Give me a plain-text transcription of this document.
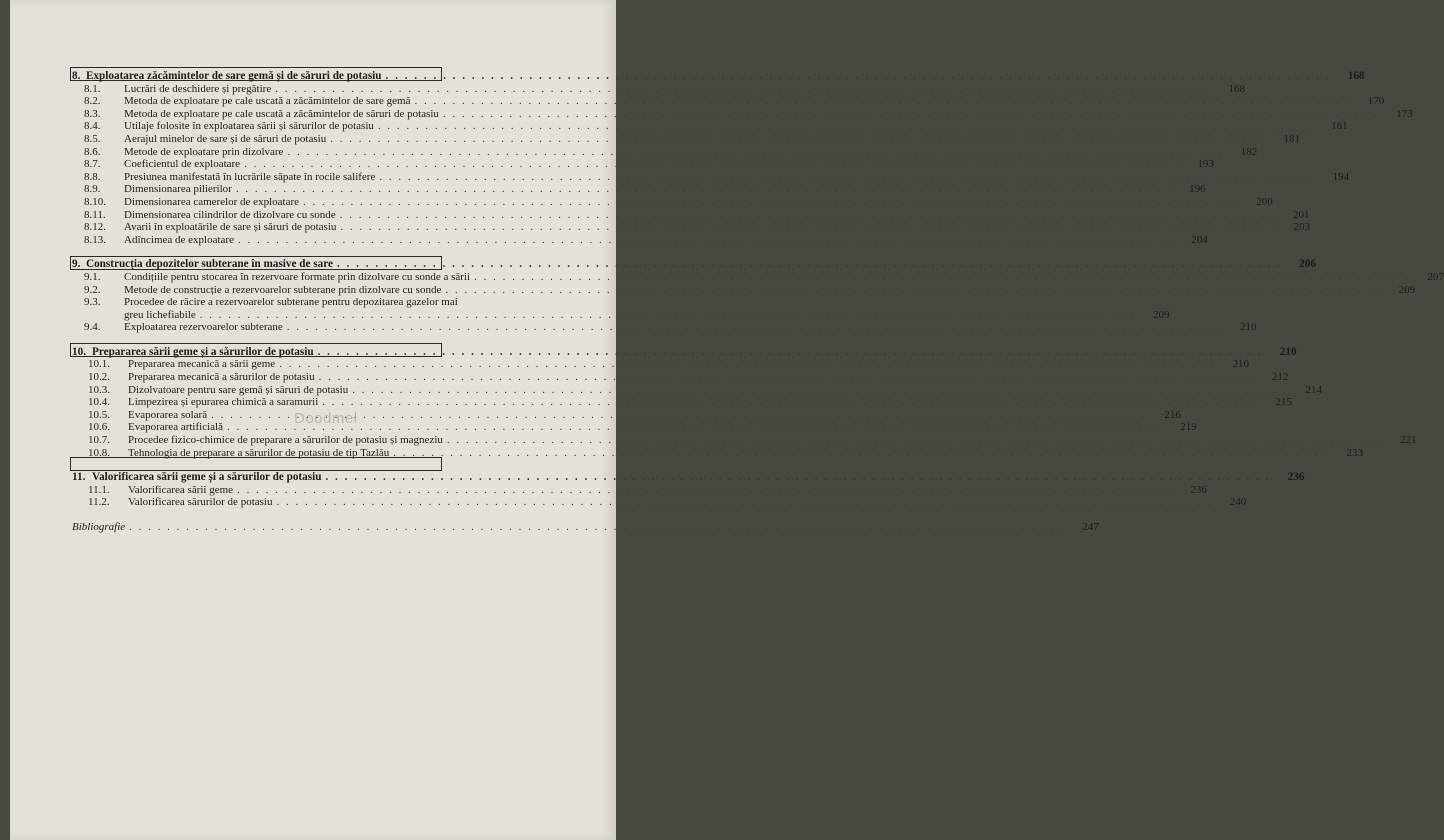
8. Exploatarea zăcămintelor de sare gemă și de săruri de potasiu . . .	168
8.1.	Lucrări de deschidere și pregătire . . .	168
8.2.	Metoda de exploatare pe cale uscată a zăcămintelor de sare gemă . . .	170
8.3.	Metoda de exploatare pe cale uscată a zăcămintelor de săruri de potasiu . . .	173
8.4.	Utilaje folosite în exploatarea sării și sărurilor de potasiu . . .	181
8.5.	Aerajul minelor de sare și de săruri de potasiu . . .	181
8.6.	Metode de exploatare prin dizolvare . . .	182
8.7.	Coeficientul de exploatare . . .	193
8.8.	Presiunea manifestată în lucrările săpate în rocile salifere . . .	194
8.9.	Dimensionarea pilierilor . . .	196
8.10.	Dimensionarea camerelor de exploatare . . .	200
8.11.	Dimensionarea cilindrilor de dizolvare cu sonde . . .	201
8.12.	Avarii în exploatările de sare și săruri de potasiu . . .	203
8.13.	Adîncimea de exploatare . . .	204
9. Construcția depozitelor subterane în masive de sare . . .	206
9.1.	Condițiile pentru stocarea în rezervoare formate prin dizolvare cu sonde a sării . . .	207
9.2.	Metode de construcție a rezervoarelor subterane prin dizolvare cu sonde . . .	209
9.3.	Procedee de răcire a rezervoarelor subterane pentru depozitarea gazelor mai
greu lichefiabile . . .	209
9.4.	Exploatarea rezervoarelor subterane . . .	210
10. Prepararea sării geme și a sărurilor de potasiu . . .	210
10.1.	Prepararea mecanică a sării geme . . .	210
10.2.	Prepararea mecanică a sărurilor de potasiu . . .	212
10.3.	Dizolvatoare pentru sare gemă și săruri de potasiu . . .	214
10.4.	Limpezirea și epurarea chimică a saramurii . . .	215
10.5.	Evaporarea solară . . .	216
10.6.	Evaporarea artificială . . .	219
10.7.	Procedee fizico-chimice de preparare a sărurilor de potasiu și magneziu . . .	221
10.8.	Tehnologia de preparare a sărurilor de potasiu de tip Tazlău . . .	233
11. Valorificarea sării geme și a sărurilor de potasiu . . .	236
11.1.	Valorificarea sării geme . . .	236
11.2.	Valorificarea sărurilor de potasiu . . .	240
Bibliografie . . .	247
Doodmel
